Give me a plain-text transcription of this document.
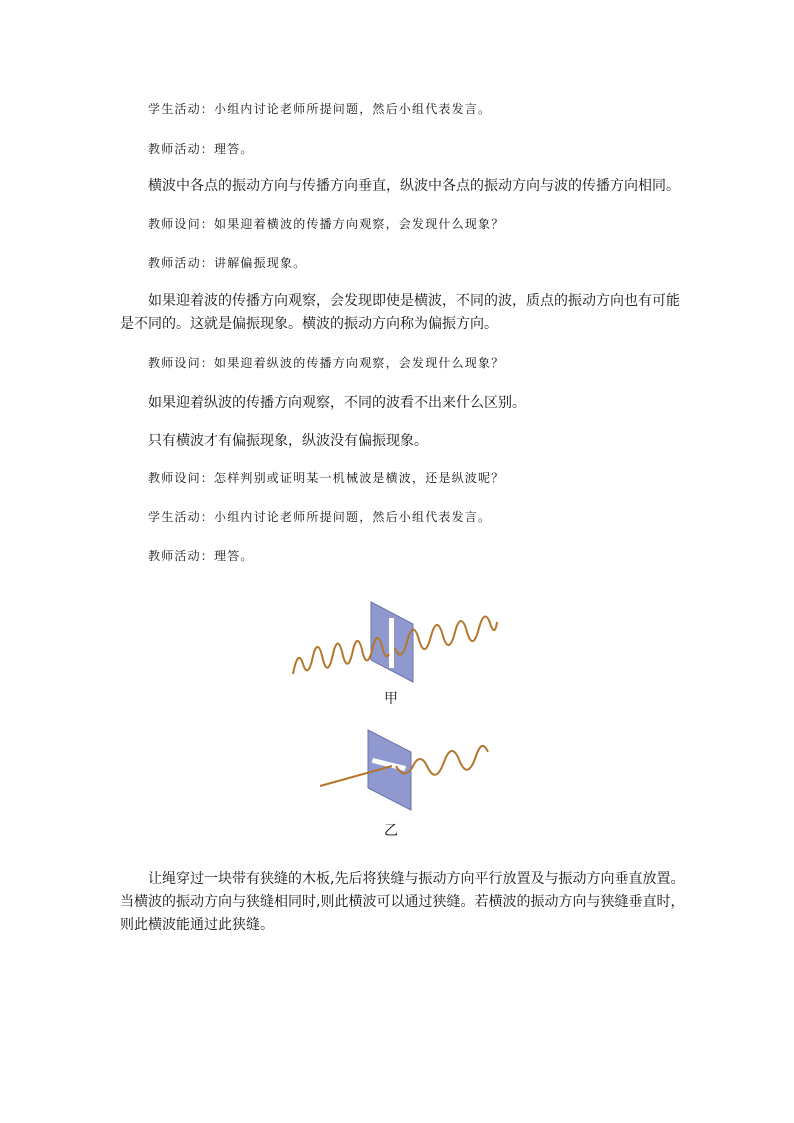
学生活动：小组内讨论老师所提问题，然后小组代表发言。
教师活动：理答。
横波中各点的振动方向与传播方向垂直，纵波中各点的振动方向与波的传播方向相同。
教师设问：如果迎着横波的传播方向观察，会发现什么现象？
教师活动：讲解偏振现象。
如果迎着波的传播方向观察，会发现即使是横波，不同的波，质点的振动方向也有可能是不同的。这就是偏振现象。横波的振动方向称为偏振方向。
教师设问：如果迎着纵波的传播方向观察，会发现什么现象？
如果迎着纵波的传播方向观察，不同的波看不出来什么区别。
只有横波才有偏振现象，纵波没有偏振现象。
教师设问：怎样判别或证明某一机械波是横波，还是纵波呢？
学生活动：小组内讨论老师所提问题，然后小组代表发言。
教师活动：理答。
甲
乙
让绳穿过一块带有狭缝的木板,先后将狭缝与振动方向平行放置及与振动方向垂直放置。当横波的振动方向与狭缝相同时,则此横波可以通过狭缝。若横波的振动方向与狭缝垂直时，则此横波能通过此狭缝。
